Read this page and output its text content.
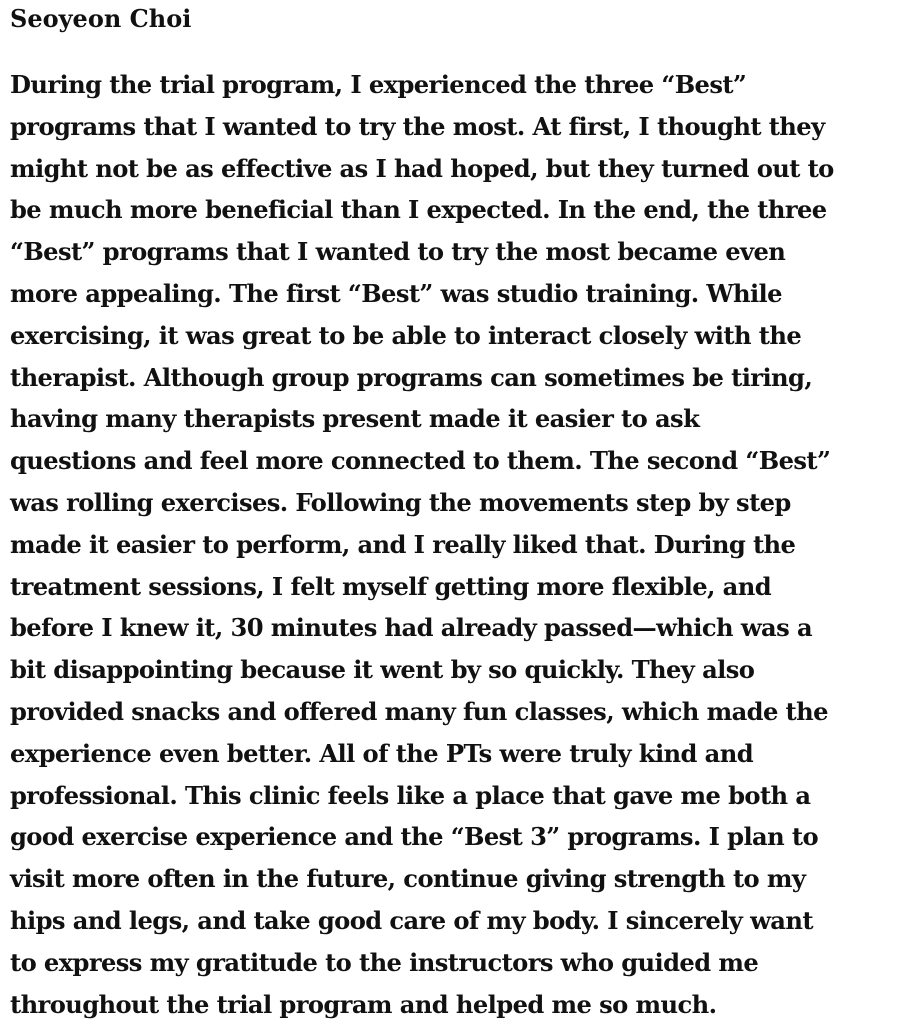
Seoyeon Choi

During the trial program, I experienced the three “Best”
programs that I wanted to try the most. At first, I thought they
might not be as effective as I had hoped, but they turned out to
be much more beneficial than I expected. In the end, the three
“Best” programs that I wanted to try the most became even
more appealing. The first “Best” was studio training. While
exercising, it was great to be able to interact closely with the
therapist. Although group programs can sometimes be tiring,
having many therapists present made it easier to ask
questions and feel more connected to them. The second “Best”
was rolling exercises. Following the movements step by step
made it easier to perform, and I really liked that. During the
treatment sessions, I felt myself getting more flexible, and
before I knew it, 30 minutes had already passed—which was a
bit disappointing because it went by so quickly. They also
provided snacks and offered many fun classes, which made the
experience even better. All of the PTs were truly kind and
professional. This clinic feels like a place that gave me both a
good exercise experience and the “Best 3” programs. I plan to
visit more often in the future, continue giving strength to my
hips and legs, and take good care of my body. I sincerely want
to express my gratitude to the instructors who guided me
throughout the trial program and helped me so much.
